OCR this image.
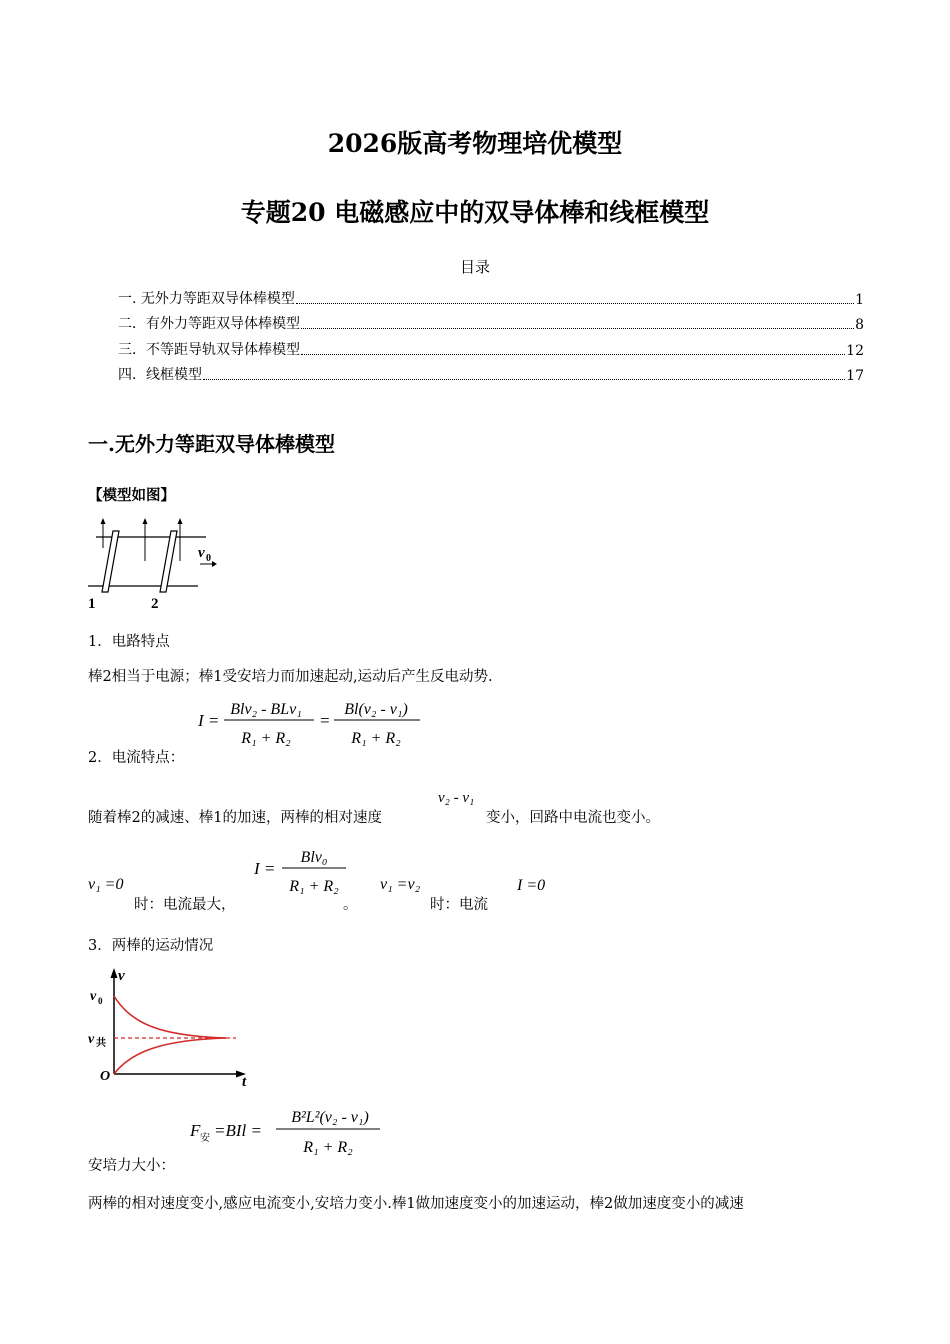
2026版高考物理培优模型
专题20 电磁感应中的双导体棒和线框模型
目录
一. 无外力等距双导体棒模型	1
二．有外力等距双导体棒模型	8
三．不等距导轨双导体棒模型	12
四．线框模型	17
一.无外力等距双导体棒模型
【模型如图】
1	2
v 0
1．电路特点
棒2相当于电源；棒1受安培力而加速起动,运动后产生反电动势.
I =
Blv₂ - BLv₁
R₁ + R₂
=
Bl(v₂ - v₁)
R₁ + R₂
2．电流特点：
随着棒2的减速、棒1的加速，两棒的相对速度
v₂ - v₁
变小，回路中电流也变小。
v₁ =0
时：电流最大，
I =
Blv₀
R₁ + R₂
。
v₁ =v₂
时：电流
I =0
3．两棒的运动情况
v
t
v 0
v 共
O
F 安 =BIl =
B²L²(v₂ - v₁)
R₁ + R₂
安培力大小：
两棒的相对速度变小,感应电流变小,安培力变小.棒1做加速度变小的加速运动，棒2做加速度变小的减速
